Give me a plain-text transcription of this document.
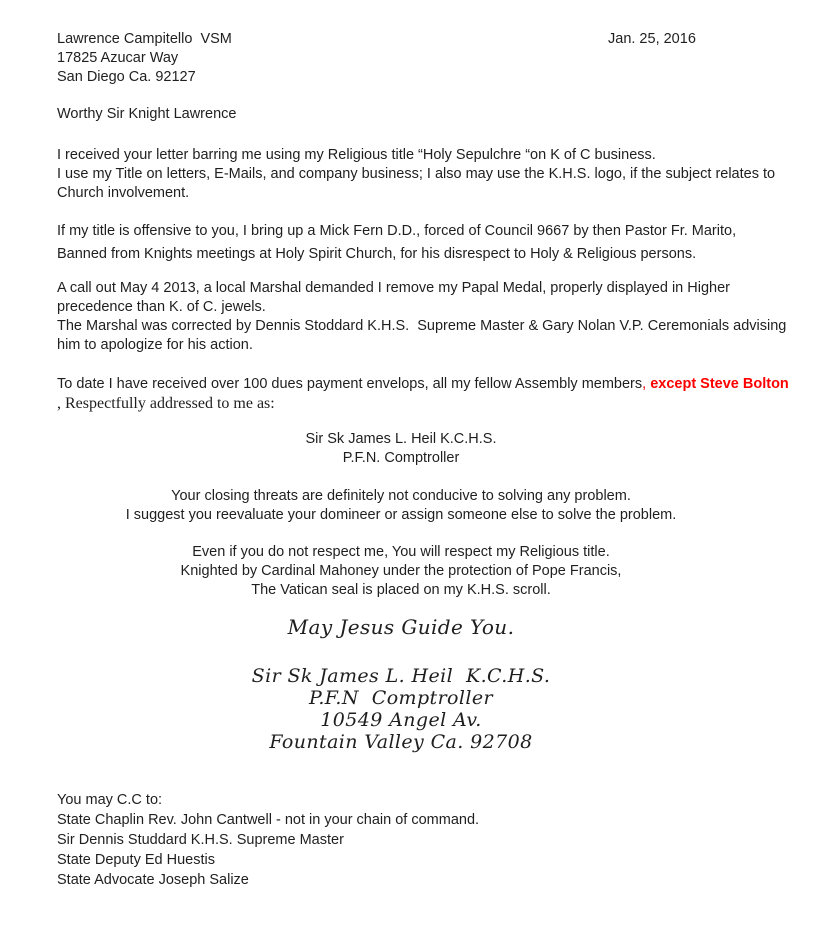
Jan. 25, 2016
Lawrence Campitello  VSM
17825 Azucar Way
San Diego Ca. 92127
Worthy Sir Knight Lawrence
I received your letter barring me using my Religious title “Holy Sepulchre “on K of C business.
I use my Title on letters, E-Mails, and company business; I also may use the K.H.S. logo, if the subject relates to
Church involvement.
If my title is offensive to you, I bring up a Mick Fern D.D., forced of Council 9667 by then Pastor Fr. Marito,
Banned from Knights meetings at Holy Spirit Church, for his disrespect to Holy & Religious persons.
A call out May 4 2013, a local Marshal demanded I remove my Papal Medal, properly displayed in Higher
precedence than K. of C. jewels.
The Marshal was corrected by Dennis Stoddard K.H.S.  Supreme Master & Gary Nolan V.P. Ceremonials advising
him to apologize for his action.
To date I have received over 100 dues payment envelops, all my fellow Assembly members, except Steve Bolton
, Respectfully addressed to me as:
Sir Sk James L. Heil K.C.H.S.
P.F.N. Comptroller
Your closing threats are definitely not conducive to solving any problem.
I suggest you reevaluate your domineer or assign someone else to solve the problem.
Even if you do not respect me, You will respect my Religious title.
Knighted by Cardinal Mahoney under the protection of Pope Francis,
The Vatican seal is placed on my K.H.S. scroll.
May Jesus Guide You.
Sir Sk James L. Heil  K.C.H.S.
P.F.N  Comptroller
10549 Angel Av.
Fountain Valley Ca. 92708
You may C.C to:
State Chaplin Rev. John Cantwell - not in your chain of command.
Sir Dennis Studdard K.H.S. Supreme Master
State Deputy Ed Huestis
State Advocate Joseph Salize
